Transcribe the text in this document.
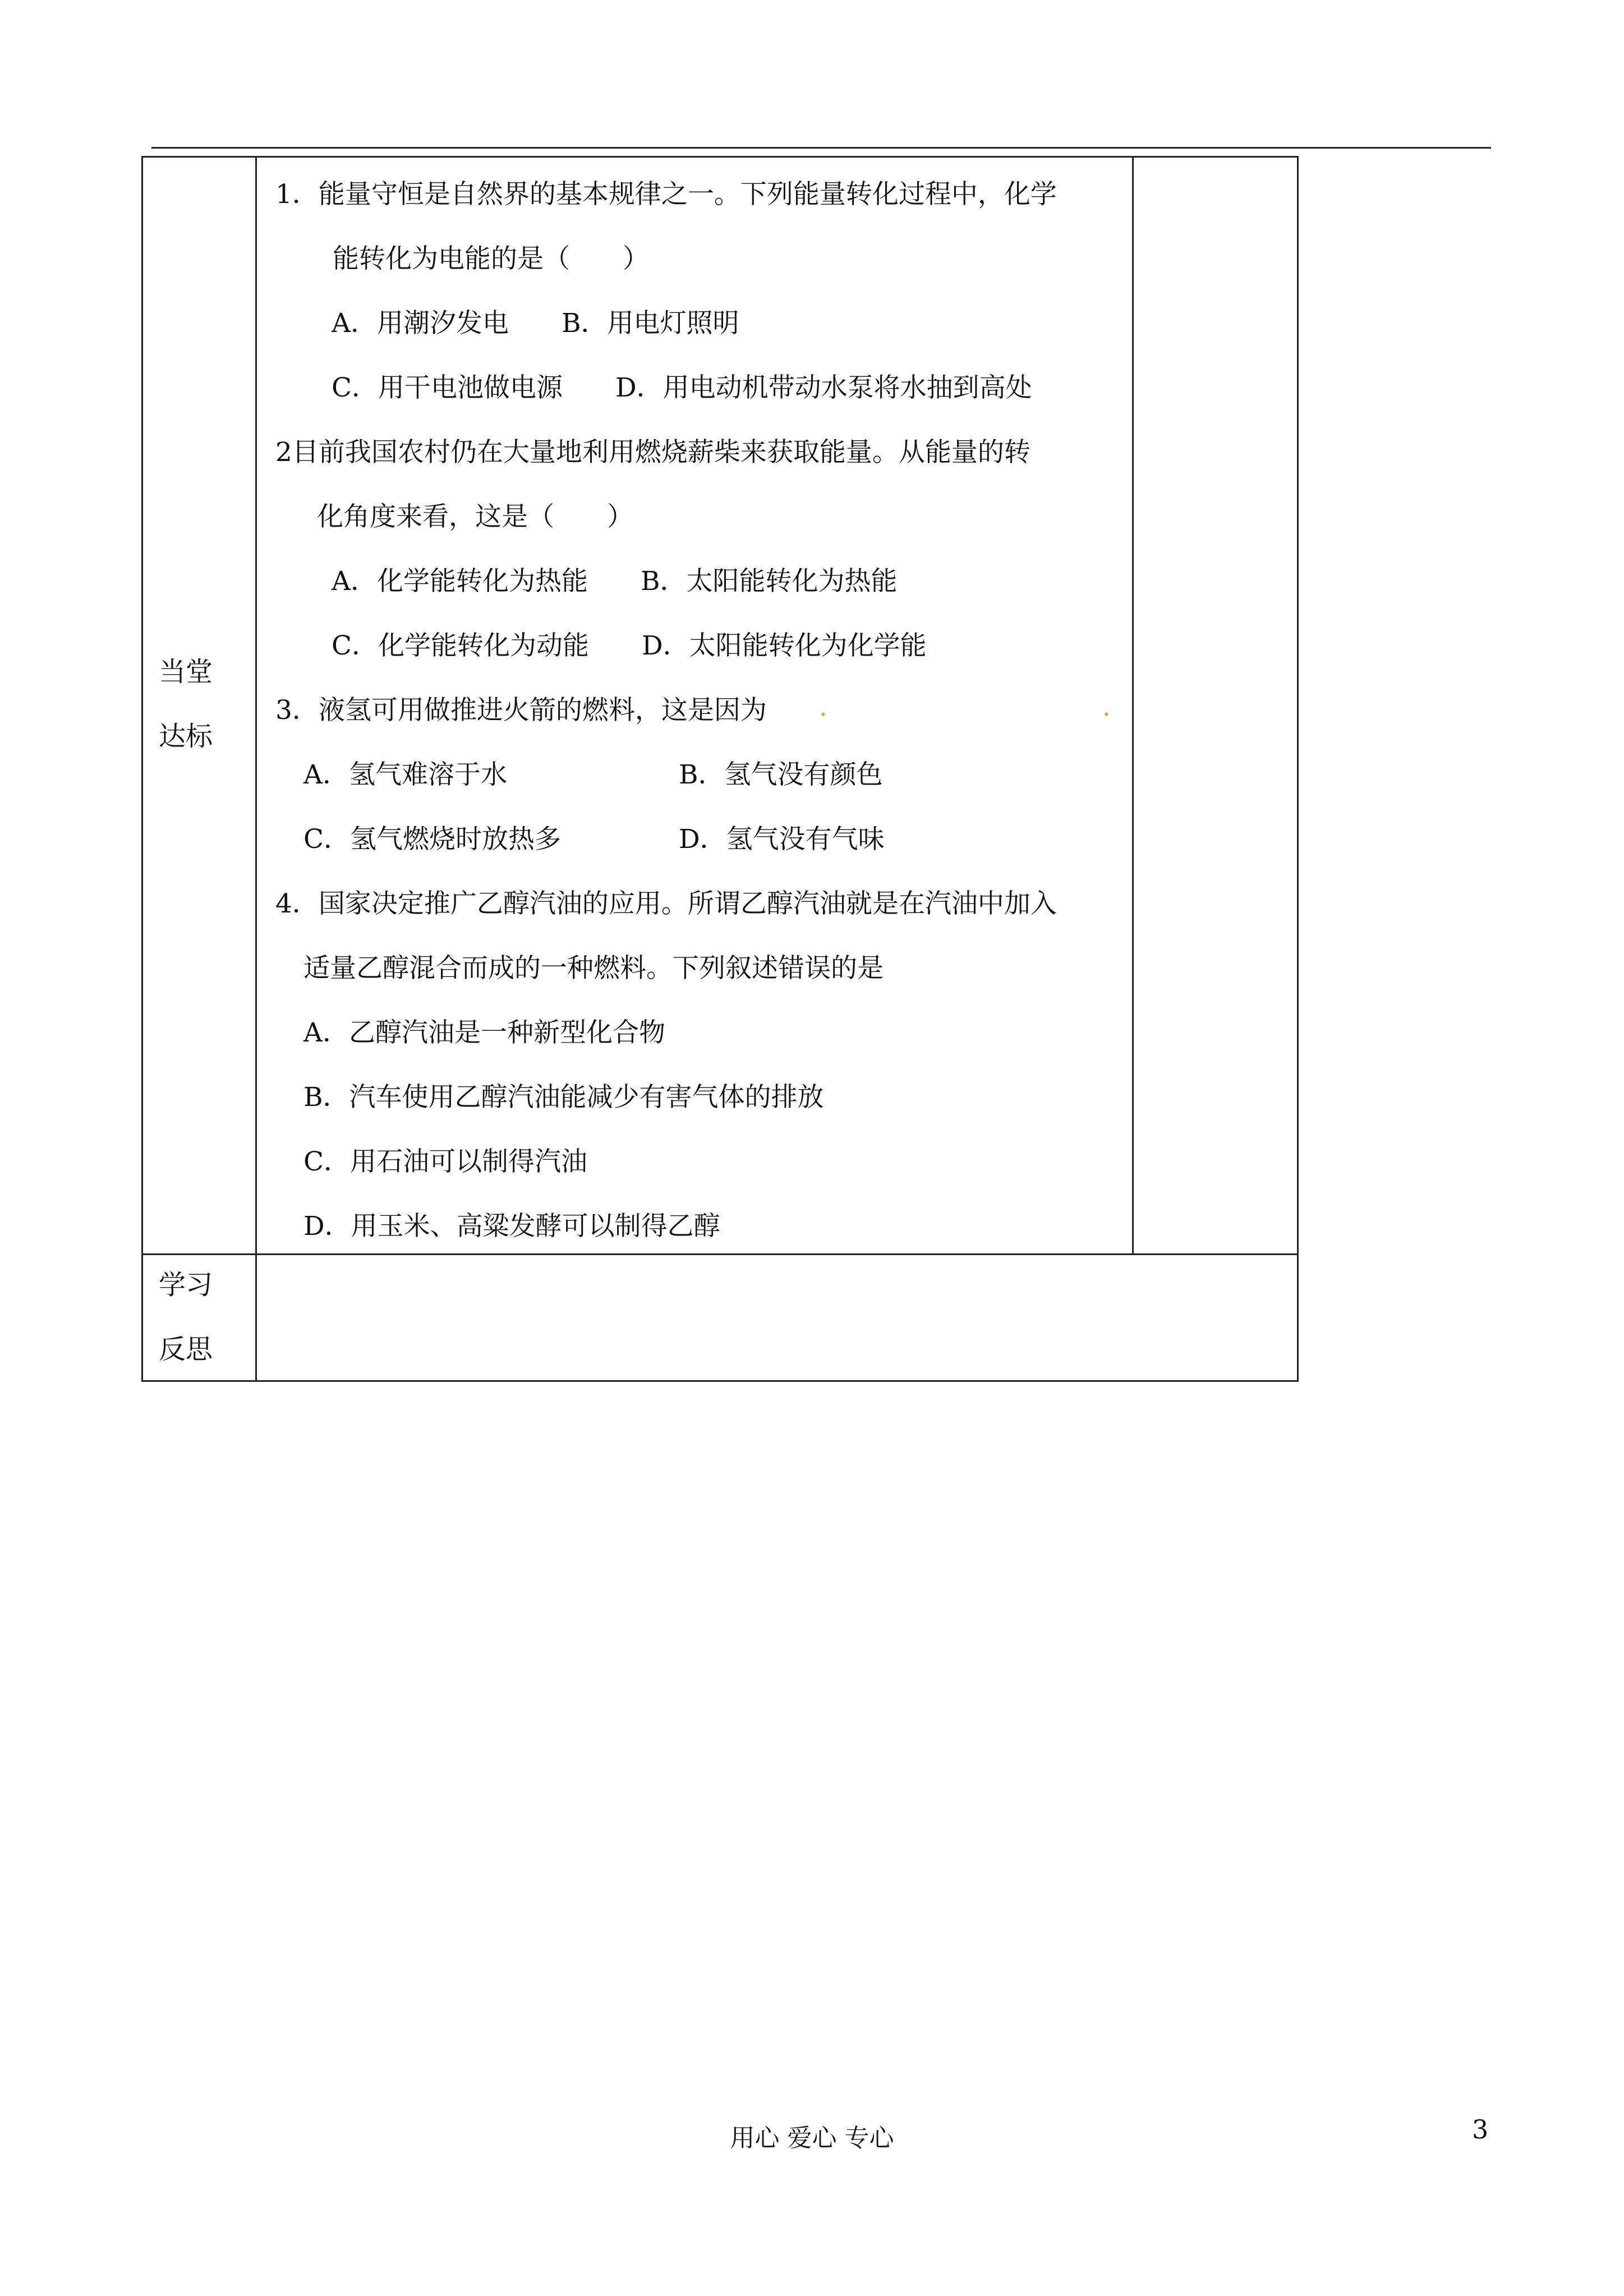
当堂
达标
1．能量守恒是自然界的基本规律之一。下列能量转化过程中，化学
能转化为电能的是（　　）
A．用潮汐发电　　B．用电灯照明
C．用干电池做电源　　D．用电动机带动水泵将水抽到高处
2目前我国农村仍在大量地利用燃烧薪柴来获取能量。从能量的转
化角度来看，这是（　　）
A．化学能转化为热能　　B．太阳能转化为热能
C．化学能转化为动能　　D．太阳能转化为化学能
3．液氢可用做推进火箭的燃料，这是因为 .	.
A．氢气难溶于水	B．氢气没有颜色
C．氢气燃烧时放热多	D．氢气没有气味
4．国家决定推广乙醇汽油的应用。所谓乙醇汽油就是在汽油中加入
适量乙醇混合而成的一种燃料。下列叙述错误的是
A．乙醇汽油是一种新型化合物
B．汽车使用乙醇汽油能减少有害气体的排放
C．用石油可以制得汽油
D．用玉米、高粱发酵可以制得乙醇
学习
反思
用心 爱心 专心	3
